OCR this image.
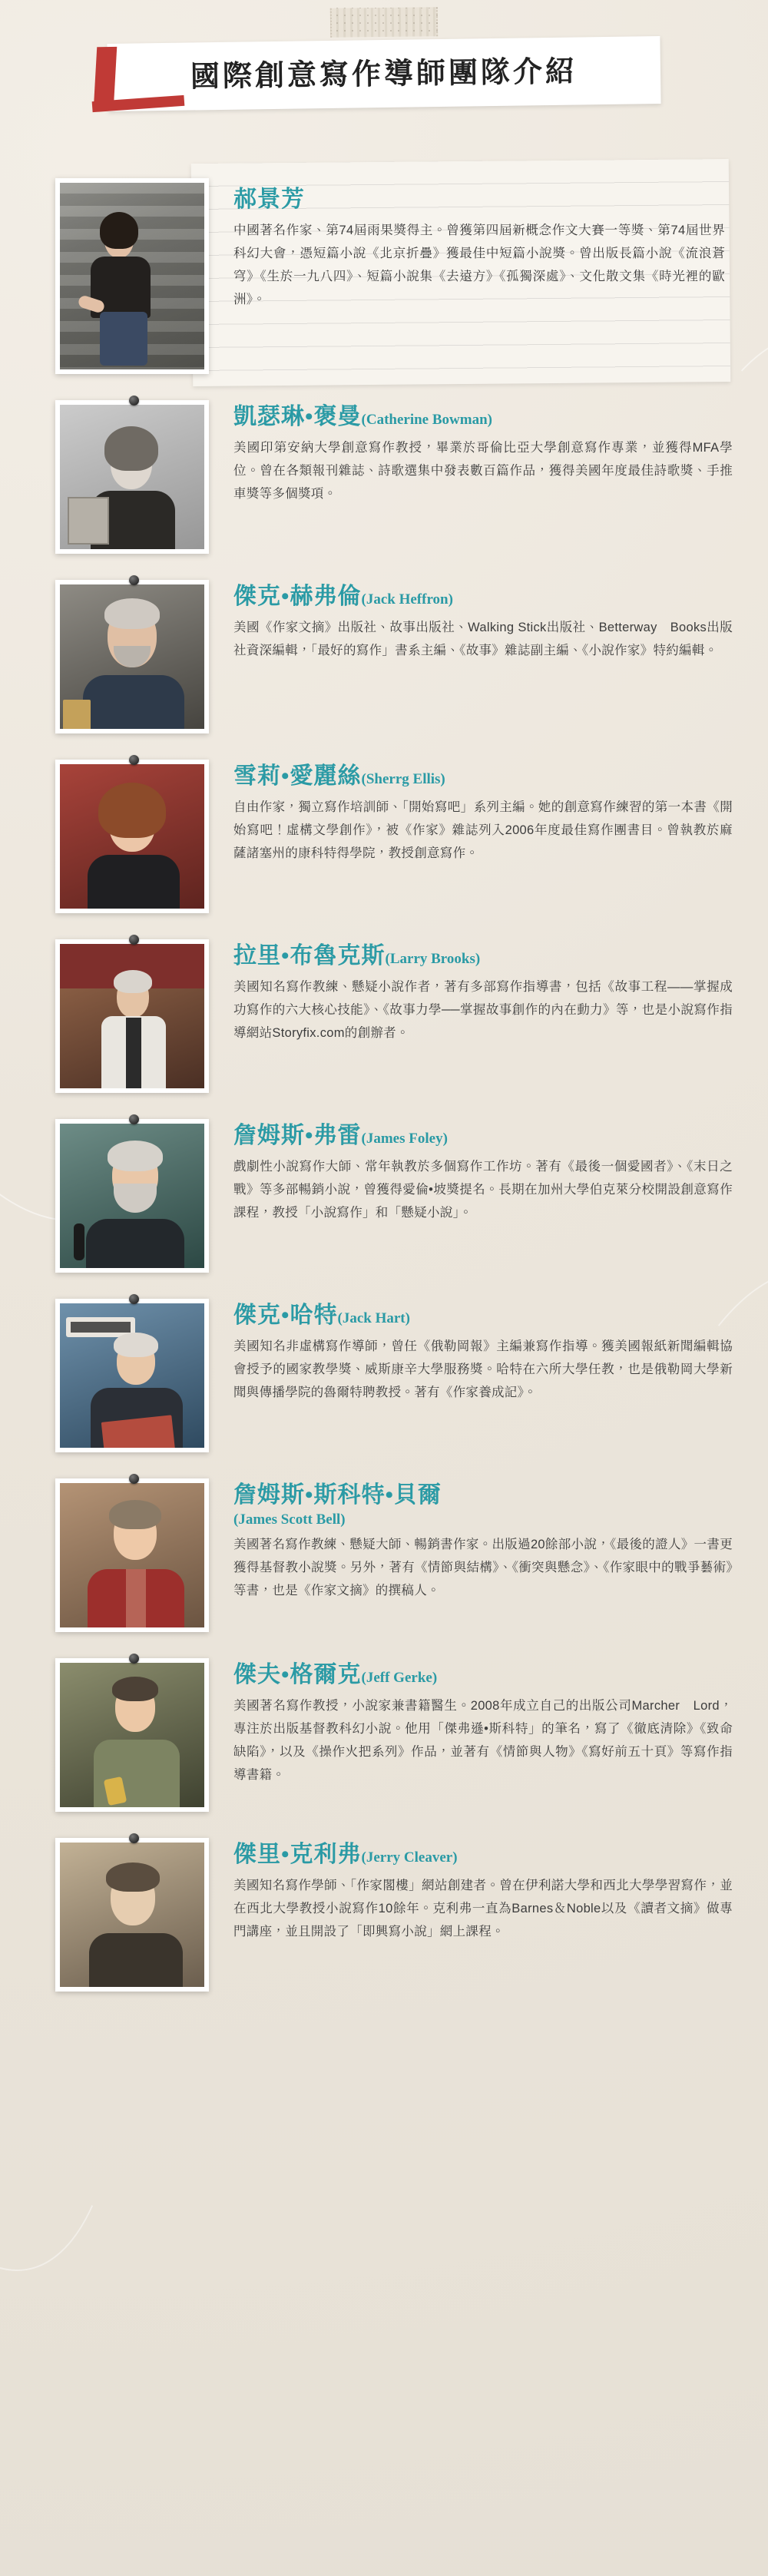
國際創意寫作導師團隊介紹
郝景芳

中國著名作家、第74屆雨果獎得主。曾獲第四屆新概念作文大賽一等獎、第74屆世界科幻大會，憑短篇小說《北京折疊》獲最佳中短篇小說獎。曾出版長篇小說《流浪蒼穹》《生於一九八四》、短篇小說集《去遠方》《孤獨深處》、文化散文集《時光裡的歐洲》。

凱瑟琳•褒曼(Catherine Bowman)

美國印第安納大學創意寫作教授，畢業於哥倫比亞大學創意寫作專業，並獲得MFA學位。曾在各類報刊雜誌、詩歌選集中發表數百篇作品，獲得美國年度最佳詩歌獎、手推車獎等多個獎項。

傑克•赫弗倫(Jack Heffron)

美國《作家文摘》出版社、故事出版社、Walking Stick出版社、Betterway　Books出版社資深編輯，「最好的寫作」書系主編、《故事》雜誌副主編、《小說作家》特約編輯。

雪莉•愛麗絲(Sherrg Ellis)

自由作家，獨立寫作培訓師、「開始寫吧」系列主編。她的創意寫作練習的第一本書《開始寫吧！虛構文學創作》，被《作家》雜誌列入2006年度最佳寫作團書目。曾執教於麻薩諸塞州的康科特得學院，教授創意寫作。

拉里•布魯克斯(Larry Brooks)

美國知名寫作教練、懸疑小說作者，著有多部寫作指導書，包括《故事工程——掌握成功寫作的六大核心技能》、《故事力學──掌握故事創作的內在動力》等，也是小說寫作指導網站Storyfix.com的創辦者。

詹姆斯•弗雷(James Foley)

戲劇性小說寫作大師、常年執教於多個寫作工作坊。著有《最後一個愛國者》、《末日之戰》等多部暢銷小說，曾獲得愛倫•坡獎提名。長期在加州大學伯克萊分校開設創意寫作課程，教授「小說寫作」和「懸疑小說」。

傑克•哈特(Jack Hart)

美國知名非虛構寫作導師，曾任《俄勒岡報》主編兼寫作指導。獲美國報紙新聞編輯協會授予的國家教學獎、威斯康辛大學服務獎。哈特在六所大學任教，也是俄勒岡大學新聞與傳播學院的魯爾特聘教授。著有《作家養成記》。

詹姆斯•斯科特•貝爾
(James Scott Bell)

美國著名寫作教練、懸疑大師、暢銷書作家。出版過20餘部小說，《最後的證人》一書更獲得基督教小說獎。另外，著有《情節與結構》、《衝突與懸念》、《作家眼中的戰爭藝術》等書，也是《作家文摘》的撰稿人。

傑夫•格爾克(Jeff Gerke)

美國著名寫作教授，小說家兼書籍醫生。2008年成立自己的出版公司Marcher　Lord，專注於出版基督教科幻小說。他用「傑弗遜•斯科特」的筆名，寫了《徹底清除》《致命缺陷》，以及《操作火把系列》作品，並著有《情節與人物》《寫好前五十頁》等寫作指導書籍。

傑里•克利弗(Jerry Cleaver)

美國知名寫作學師、「作家閣樓」網站創建者。曾在伊利諾大學和西北大學學習寫作，並在西北大學教授小說寫作10餘年。克利弗一直為Barnes＆Noble以及《讀者文摘》做專門講座，並且開設了「即興寫小說」網上課程。
